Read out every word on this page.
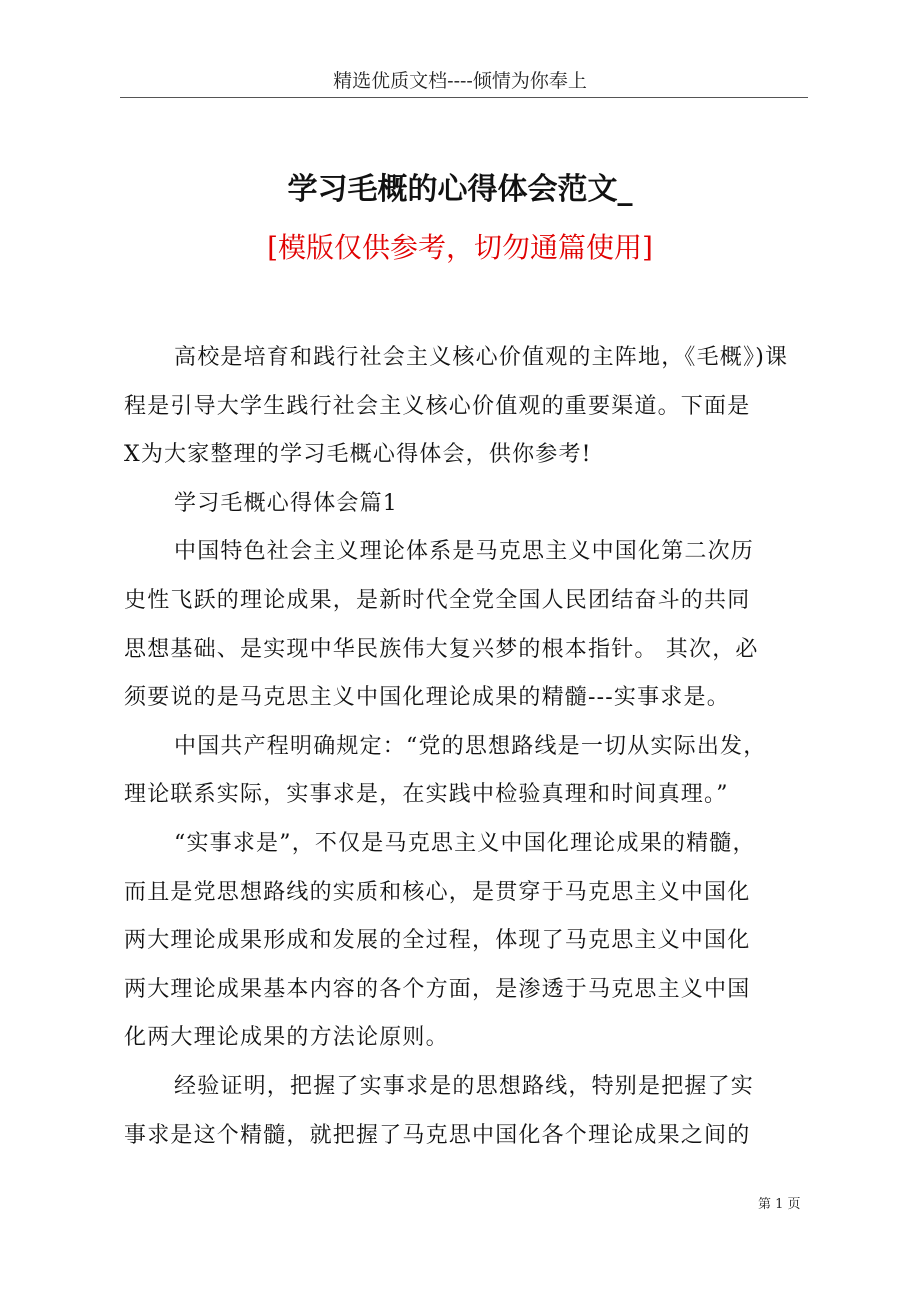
精选优质文档----倾情为你奉上
学习毛概的心得体会范文_
[模版仅供参考，切勿通篇使用]
高校是培育和践行社会主义核心价值观的主阵地，《毛概》)课
程是引导大学生践行社会主义核心价值观的重要渠道。下面是
X为大家整理的学习毛概心得体会，供你参考!
学习毛概心得体会篇1
中国特色社会主义理论体系是马克思主义中国化第二次历
史性飞跃的理论成果，是新时代全党全国人民团结奋斗的共同
思想基础、是实现中华民族伟大复兴梦的根本指针。 其次，必
须要说的是马克思主义中国化理论成果的精髓---实事求是。
中国共产程明确规定：“党的思想路线是一切从实际出发，
理论联系实际，实事求是，在实践中检验真理和时间真理。”
“实事求是”，不仅是马克思主义中国化理论成果的精髓，
而且是党思想路线的实质和核心，是贯穿于马克思主义中国化
两大理论成果形成和发展的全过程，体现了马克思主义中国化
两大理论成果基本内容的各个方面，是渗透于马克思主义中国
化两大理论成果的方法论原则。
经验证明，把握了实事求是的思想路线，特别是把握了实
事求是这个精髓，就把握了马克思中国化各个理论成果之间的
第 1 页
